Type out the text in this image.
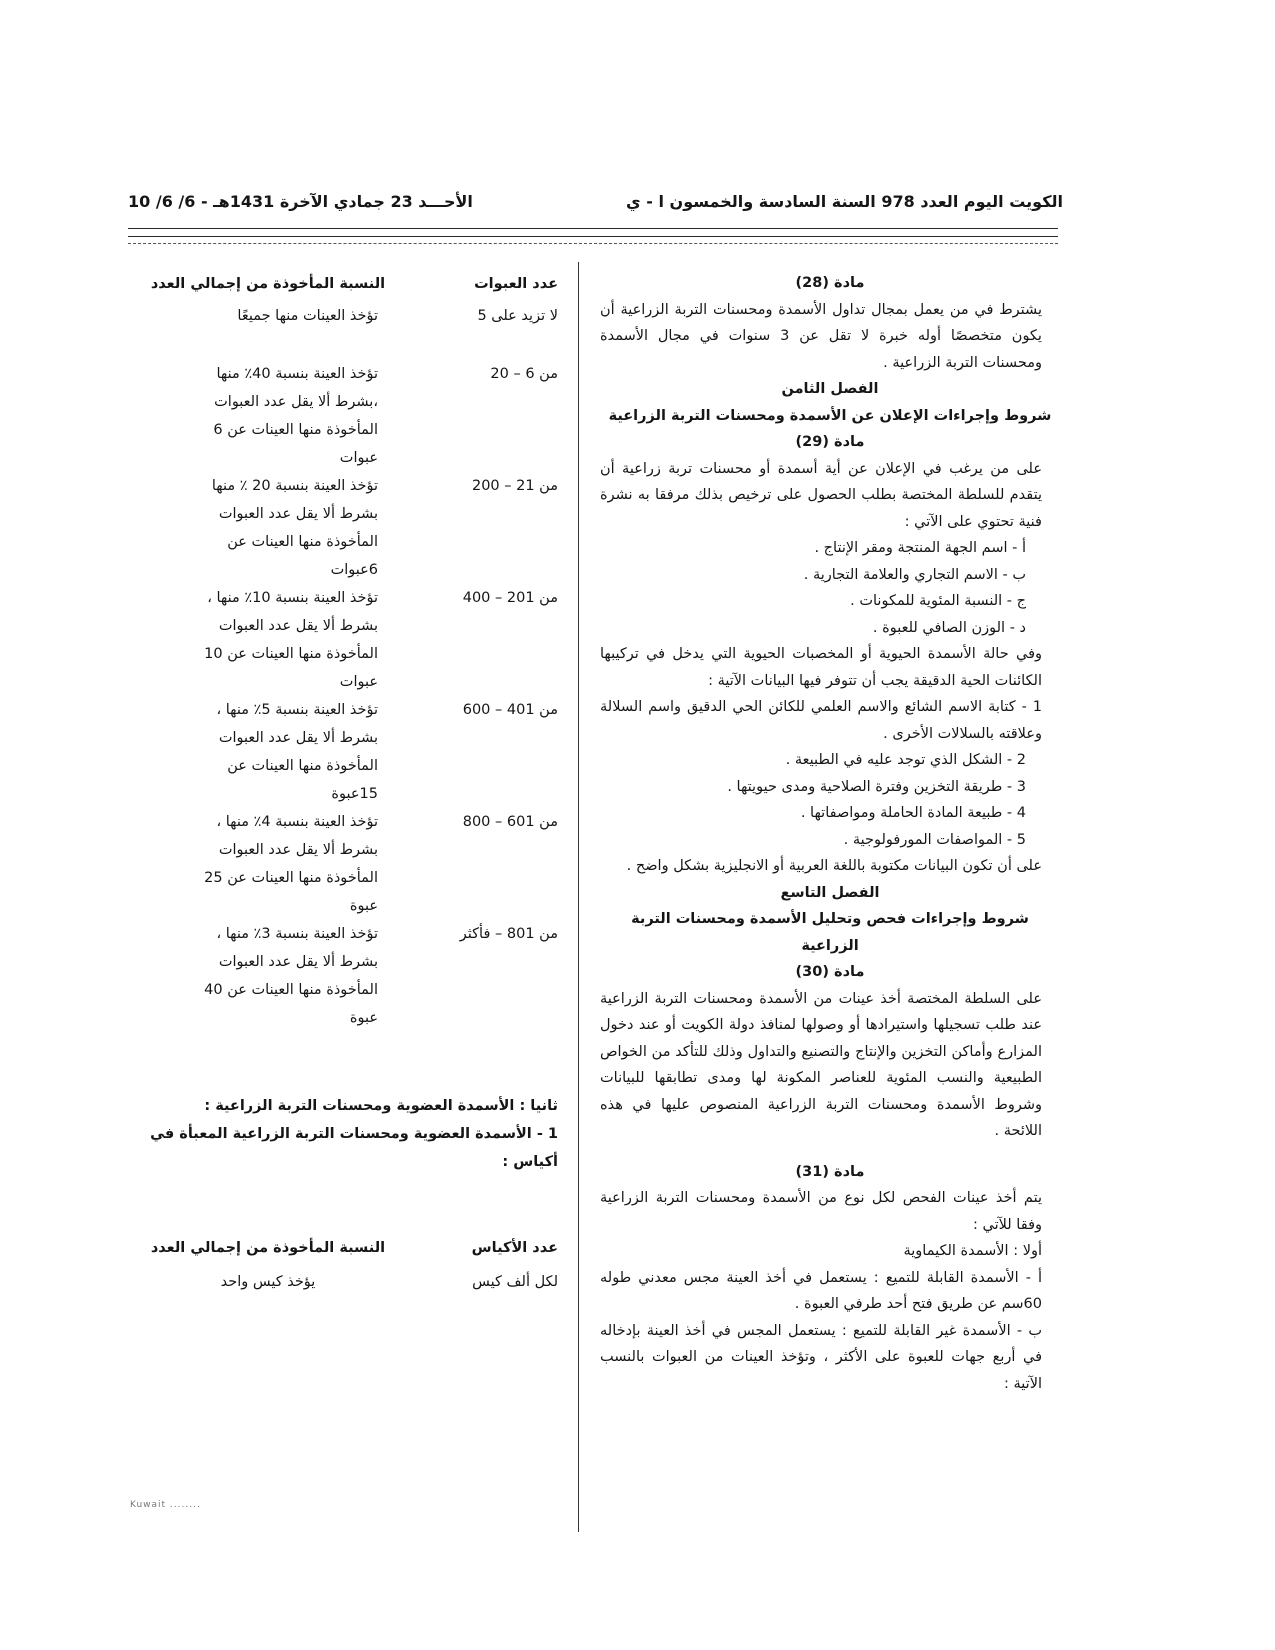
الكويت اليوم العدد 978 السنة السادسة والخمسون ا - ي
الأحـــد 23 جمادي الآخرة 1431هـ - 6/ 6/ 10

مادة (28)

يشترط في من يعمل بمجال تداول الأسمدة ومحسنات التربة الزراعية أن يكون متخصصًا أوله خبرة لا تقل عن 3 سنوات في مجال الأسمدة ومحسنات التربة الزراعية .

الفصل الثامن

شروط وإجراءات الإعلان عن الأسمدة ومحسنات التربة الزراعية

مادة (29)

على من يرغب في الإعلان عن أية أسمدة أو محسنات تربة زراعية أن يتقدم للسلطة المختصة بطلب الحصول على ترخيص بذلك مرفقا به نشرة فنية تحتوي على الآتي :

أ - اسم الجهة المنتجة ومقر الإنتاج .

ب - الاسم التجاري والعلامة التجارية .

ج - النسبة المئوية للمكونات .

د - الوزن الصافي للعبوة .

وفي حالة الأسمدة الحيوية أو المخصبات الحيوية التي يدخل في تركيبها الكائنات الحية الدقيقة يجب أن تتوفر فيها البيانات الآتية :

1 - كتابة الاسم الشائع والاسم العلمي للكائن الحي الدقيق واسم السلالة وعلاقته بالسلالات الأخرى .

2 - الشكل الذي توجد عليه في الطبيعة .

3 - طريقة التخزين وفترة الصلاحية ومدى حيويتها .

4 - طبيعة المادة الحاملة ومواصفاتها .

5 - المواصفات المورفولوجية .

على أن تكون البيانات مكتوبة باللغة العربية أو الانجليزية بشكل واضح .

الفصل التاسع

شروط وإجراءات فحص وتحليل الأسمدة ومحسنات التربة الزراعية

مادة (30)

على السلطة المختصة أخذ عينات من الأسمدة ومحسنات التربة الزراعية عند طلب تسجيلها واستيرادها أو وصولها لمنافذ دولة الكويت أو عند دخول المزارع وأماكن التخزين والإنتاج والتصنيع والتداول وذلك للتأكد من الخواص الطبيعية والنسب المئوية للعناصر المكونة لها ومدى تطابقها للبيانات وشروط الأسمدة ومحسنات التربة الزراعية المنصوص عليها في هذه اللائحة .

مادة (31)

يتم أخذ عينات الفحص لكل نوع من الأسمدة ومحسنات التربة الزراعية وفقا للآتي :

أولا : الأسمدة الكيماوية

أ - الأسمدة القابلة للتميع : يستعمل في أخذ العينة مجس معدني طوله 60سم عن طريق فتح أحد طرفي العبوة .

ب - الأسمدة غير القابلة للتميع : يستعمل المجس في أخذ العينة بإدخاله في أربع جهات للعبوة على الأكثر ، وتؤخذ العينات من العبوات بالنسب الآتية :

عدد العبوات
النسبة المأخوذة من إجمالي العدد
لا تزيد على 5
تؤخذ العينات منها جميعًا
من 6 – 20
تؤخذ العينة بنسبة 40٪ منها ،بشرط ألا يقل عدد العبوات المأخوذة منها العينات عن 6 عبوات
من 21 – 200
تؤخذ العينة بنسبة 20 ٪ منها بشرط ألا يقل عدد العبوات المأخوذة منها العينات عن 6عبوات
من 201 – 400
تؤخذ العينة بنسبة 10٪ منها ، بشرط ألا يقل عدد العبوات المأخوذة منها العينات عن 10 عبوات
من 401 – 600
تؤخذ العينة بنسبة 5٪ منها ، بشرط ألا يقل عدد العبوات المأخوذة منها العينات عن 15عبوة
من 601 – 800
تؤخذ العينة بنسبة 4٪ منها ، بشرط ألا يقل عدد العبوات المأخوذة منها العينات عن 25 عبوة
من 801 – فأكثر
تؤخذ العينة بنسبة 3٪ منها ، بشرط ألا يقل عدد العبوات المأخوذة منها العينات عن 40 عبوة
ثانيا : الأسمدة العضوية ومحسنات التربة الزراعية :
1 - الأسمدة العضوية ومحسنات التربة الزراعية المعبأة في أكياس :
عدد الأكياس
النسبة المأخوذة من إجمالي العدد
لكل ألف كيس
يؤخذ كيس واحد
Kuwait ........
